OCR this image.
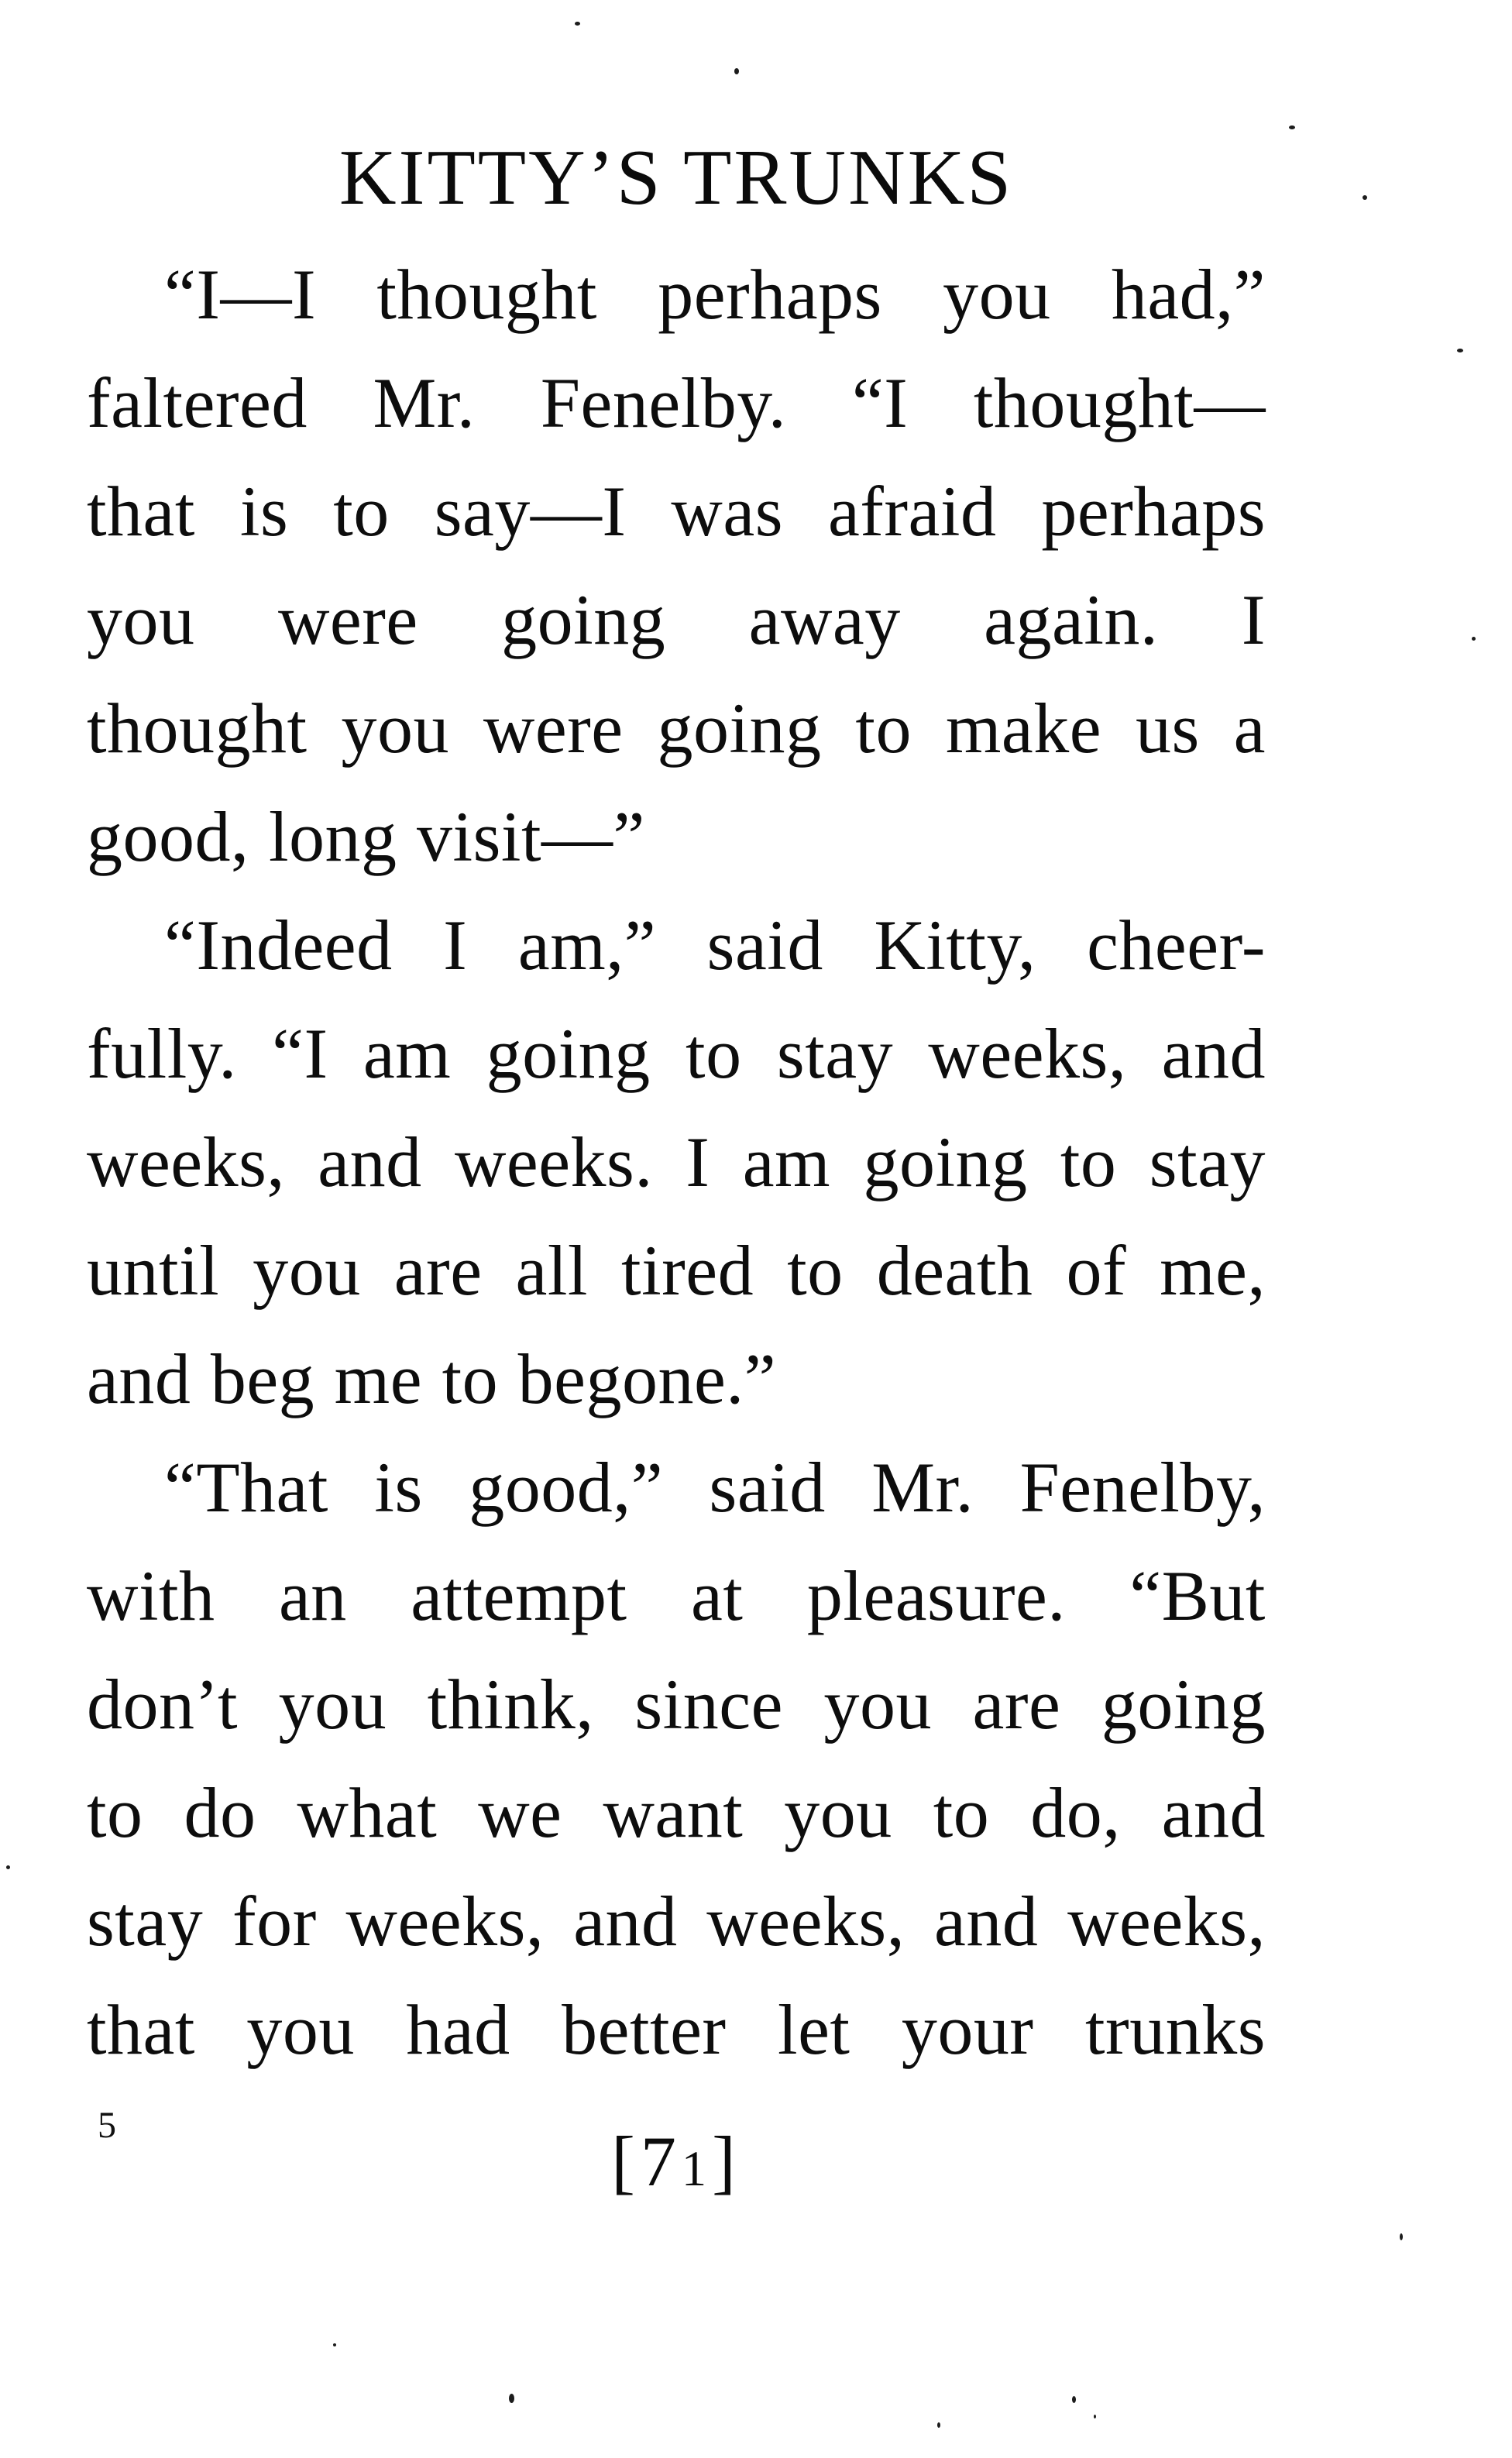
KITTY’S TRUNKS
“I—I thought perhaps you had,”
faltered Mr. Fenelby. “I thought—
that is to say—I was afraid perhaps
you were going away again. I
thought you were going to make us a
good, long visit—”
“Indeed I am,” said Kitty, cheer-
fully. “I am going to stay weeks, and
weeks, and weeks. I am going to stay
until you are all tired to death of me,
and beg me to begone.”
“That is good,” said Mr. Fenelby,
with an attempt at pleasure. “But
don’t you think, since you are going
to do what we want you to do, and
stay for weeks, and weeks, and weeks,
that you had better let your trunks
5	[71]
